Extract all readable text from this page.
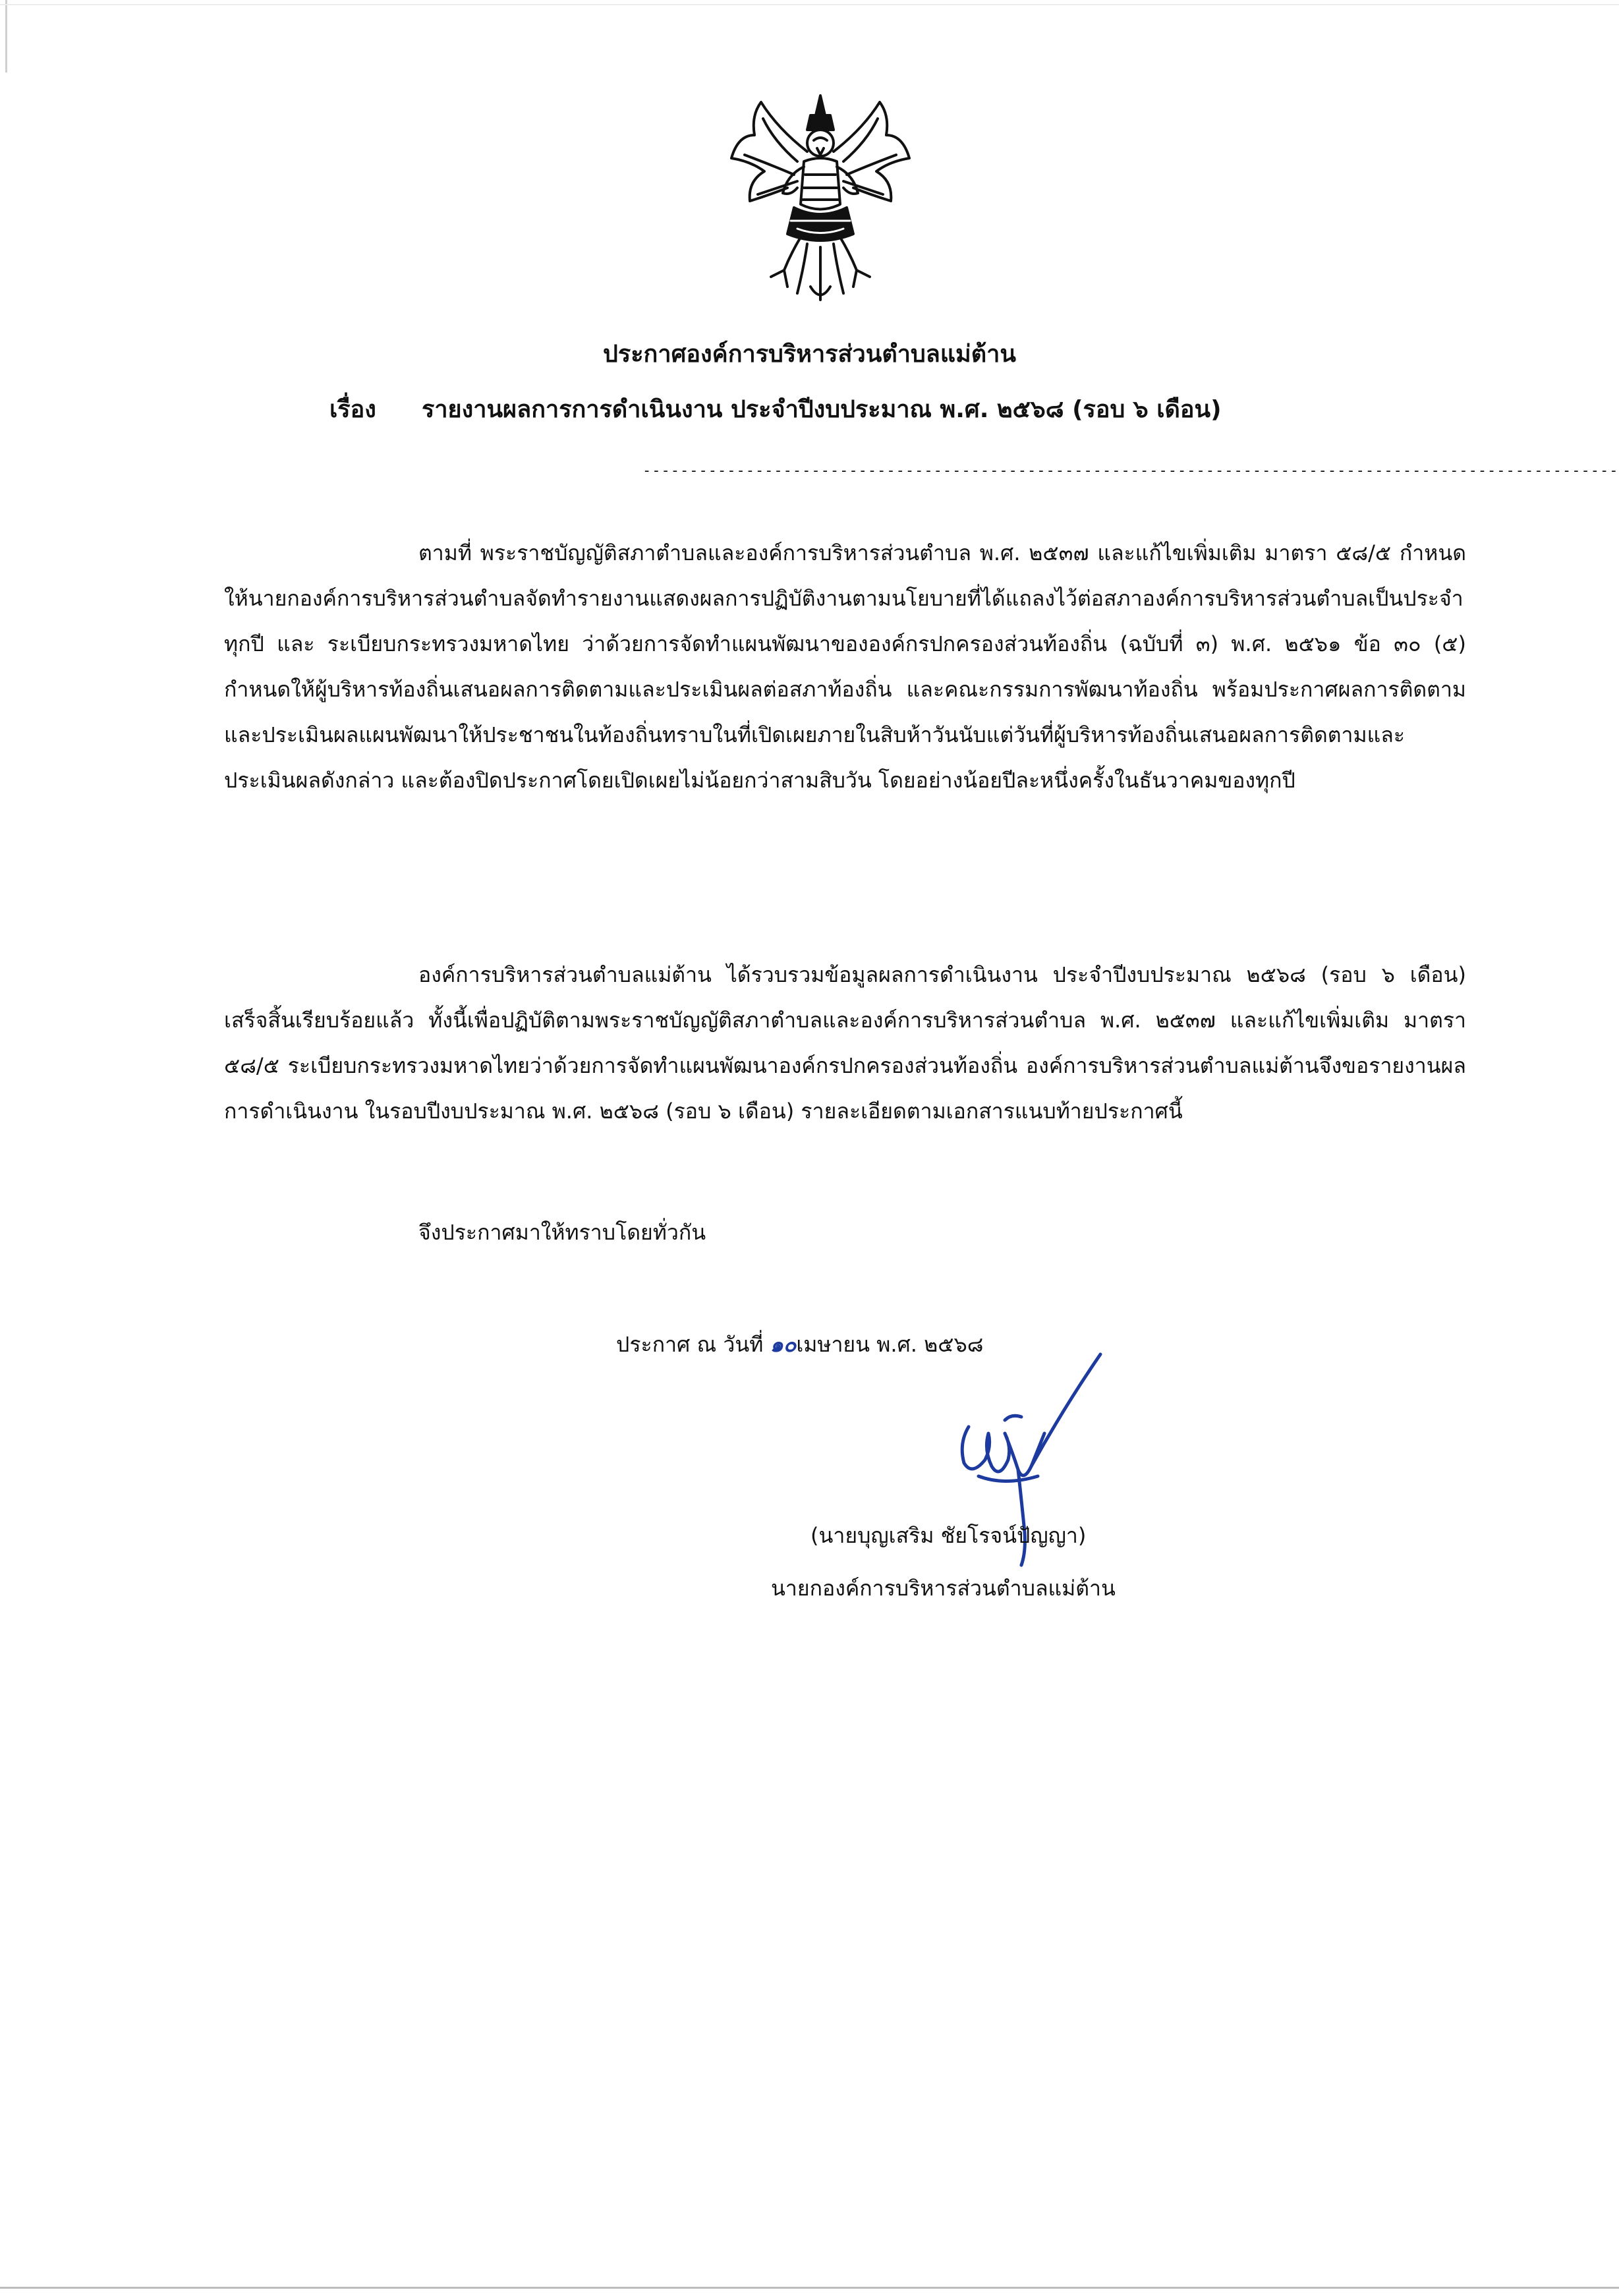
ประกาศองค์การบริหารส่วนตำบลแม่ต้าน
เรื่อง รายงานผลการการดำเนินงาน ประจำปีงบประมาณ พ.ศ. ๒๕๖๘ (รอบ ๖ เดือน)
--------------------------------------------------------------------------------------------------------
ตามที่ พระราชบัญญัติสภาตำบลและองค์การบริหารส่วนตำบล พ.ศ. ๒๕๓๗ และแก้ไขเพิ่มเติม มาตรา ๕๘/๕ กำหนดให้นายกองค์การบริหารส่วนตำบลจัดทำรายงานแสดงผลการปฏิบัติงานตามนโยบายที่ได้แถลงไว้ต่อสภาองค์การบริหารส่วนตำบลเป็นประจำทุกปี และ ระเบียบกระทรวงมหาดไทย ว่าด้วยการจัดทำแผนพัฒนาขององค์กรปกครองส่วนท้องถิ่น (ฉบับที่ ๓) พ.ศ. ๒๕๖๑ ข้อ ๓๐ (๕) กำหนดให้ผู้บริหารท้องถิ่นเสนอผลการติดตามและประเมินผลต่อสภาท้องถิ่น และคณะกรรมการพัฒนาท้องถิ่น พร้อมประกาศผลการติดตามและประเมินผลแผนพัฒนาให้ประชาชนในท้องถิ่นทราบในที่เปิดเผยภายในสิบห้าวันนับแต่วันที่ผู้บริหารท้องถิ่นเสนอผลการติดตามและประเมินผลดังกล่าว และต้องปิดประกาศโดยเปิดเผยไม่น้อยกว่าสามสิบวัน โดยอย่างน้อยปีละหนึ่งครั้งในธันวาคมของทุกปี
องค์การบริหารส่วนตำบลแม่ต้าน ได้รวบรวมข้อมูลผลการดำเนินงาน ประจำปีงบประมาณ ๒๕๖๘ (รอบ ๖ เดือน) เสร็จสิ้นเรียบร้อยแล้ว ทั้งนี้เพื่อปฏิบัติตามพระราชบัญญัติสภาตำบลและองค์การบริหารส่วนตำบล พ.ศ. ๒๕๓๗ และแก้ไขเพิ่มเติม มาตรา ๕๘/๕ ระเบียบกระทรวงมหาดไทยว่าด้วยการจัดทำแผนพัฒนาองค์กรปกครองส่วนท้องถิ่น องค์การบริหารส่วนตำบลแม่ต้านจึงขอรายงานผลการดำเนินงาน ในรอบปีงบประมาณ พ.ศ. ๒๕๖๘ (รอบ ๖ เดือน) รายละเอียดตามเอกสารแนบท้ายประกาศนี้
จึงประกาศมาให้ทราบโดยทั่วกัน
ประกาศ ณ วันที่ ๑๐เมษายน พ.ศ. ๒๕๖๘
(นายบุญเสริม ชัยโรจน์ปัญญา)
นายกองค์การบริหารส่วนตำบลแม่ต้าน
